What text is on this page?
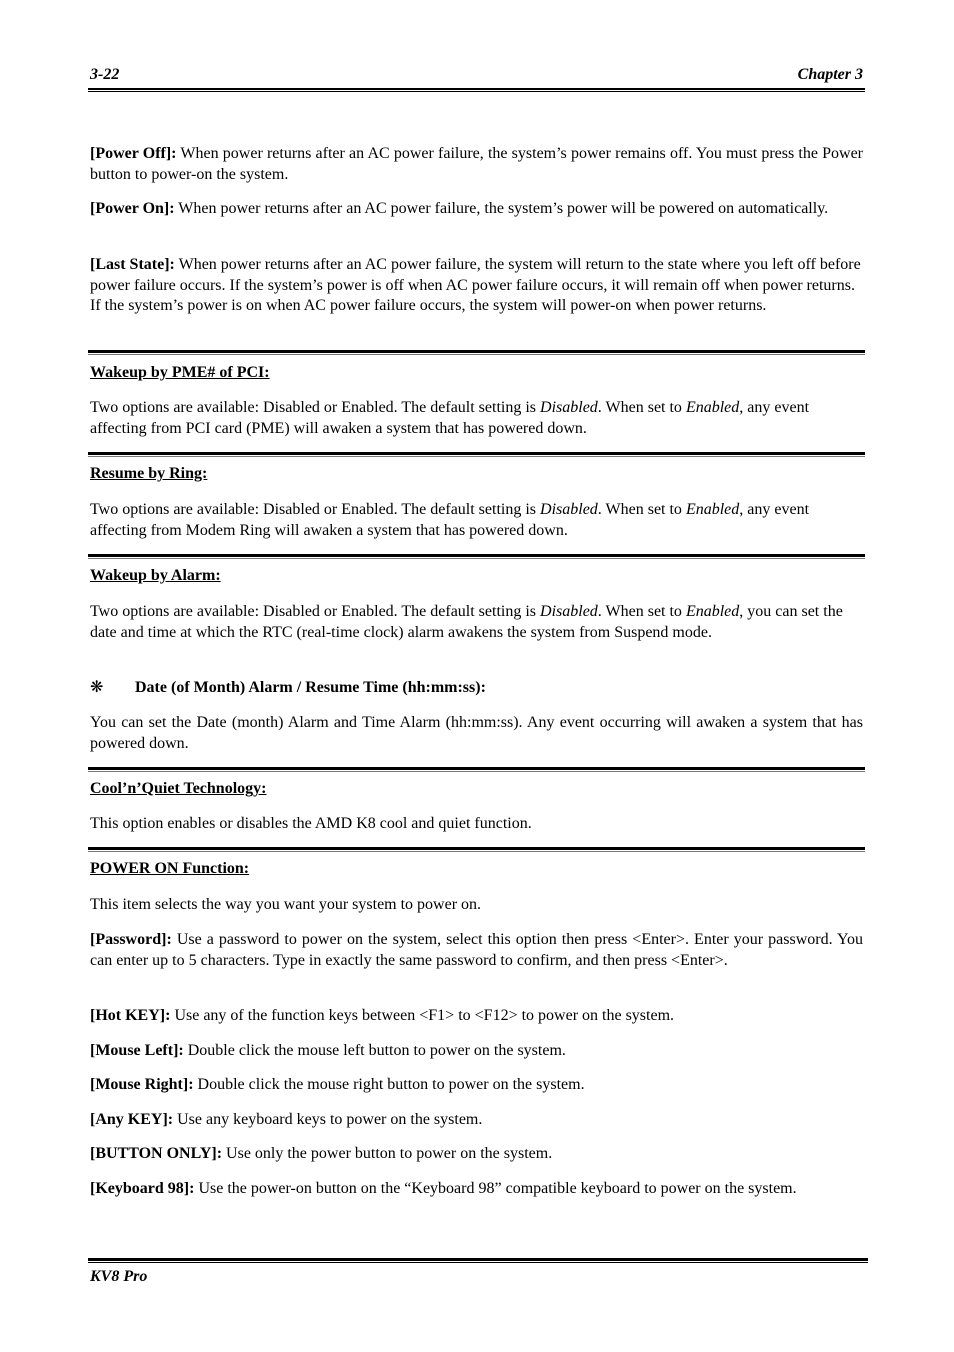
3-22	Chapter 3

[Power Off]: When power returns after an AC power failure, the system’s power remains off. You must press the Power button to power-on the system.

[Power On]: When power returns after an AC power failure, the system’s power will be powered on automatically.

[Last State]: When power returns after an AC power failure, the system will return to the state where you left off before power failure occurs. If the system’s power is off when AC power failure occurs, it will remain off when power returns. If the system’s power is on when AC power failure occurs, the system will power-on when power returns.

Wakeup by PME# of PCI:

Two options are available: Disabled or Enabled. The default setting is Disabled. When set to Enabled, any event affecting from PCI card (PME) will awaken a system that has powered down.

Resume by Ring:

Two options are available: Disabled or Enabled. The default setting is Disabled. When set to Enabled, any event affecting from Modem Ring will awaken a system that has powered down.

Wakeup by Alarm:

Two options are available: Disabled or Enabled. The default setting is Disabled. When set to Enabled, you can set the date and time at which the RTC (real-time clock) alarm awakens the system from Suspend mode.

❋ Date (of Month) Alarm / Resume Time (hh:mm:ss):

You can set the Date (month) Alarm and Time Alarm (hh:mm:ss). Any event occurring will awaken a system that has powered down.

Cool’n’Quiet Technology:

This option enables or disables the AMD K8 cool and quiet function.

POWER ON Function:

This item selects the way you want your system to power on.

[Password]: Use a password to power on the system, select this option then press <Enter>. Enter your password. You can enter up to 5 characters. Type in exactly the same password to confirm, and then press <Enter>.

[Hot KEY]: Use any of the function keys between <F1> to <F12> to power on the system.

[Mouse Left]: Double click the mouse left button to power on the system.

[Mouse Right]: Double click the mouse right button to power on the system.

[Any KEY]: Use any keyboard keys to power on the system.

[BUTTON ONLY]: Use only the power button to power on the system.

[Keyboard 98]: Use the power-on button on the “Keyboard 98” compatible keyboard to power on the system.

KV8 Pro
